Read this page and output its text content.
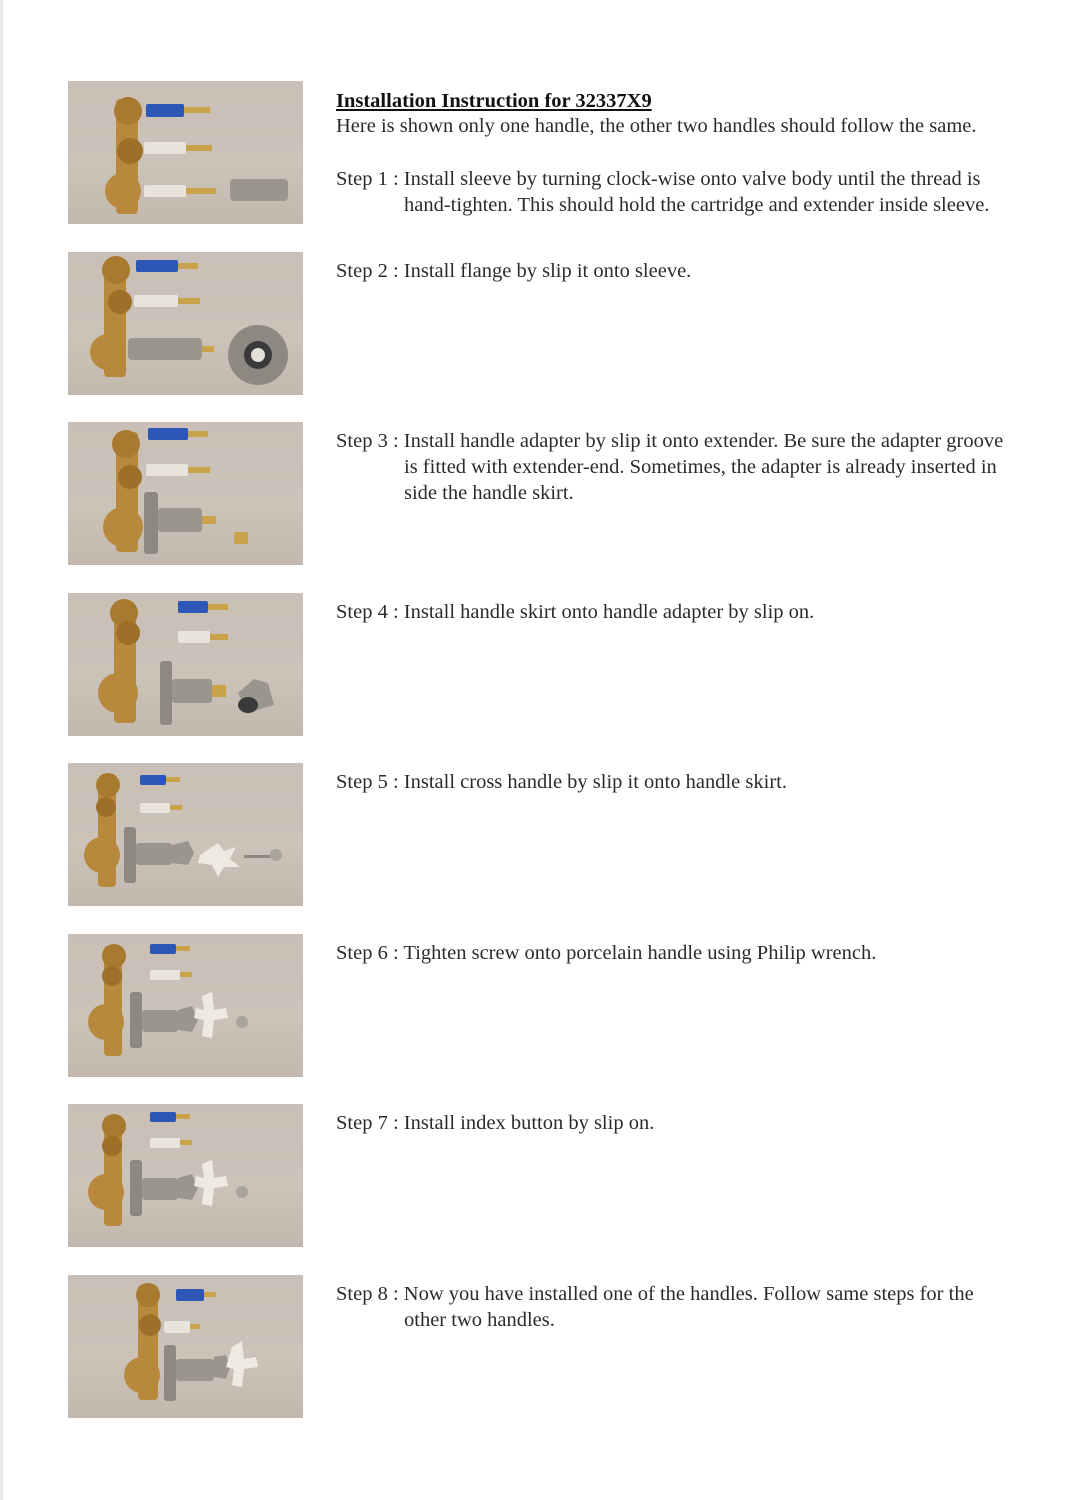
Installation Instruction for 32337X9
Here is shown only one handle, the other two handles should follow the same.
Step 1 : Install sleeve by turning clock-wise onto valve body until the thread is
hand-tighten. This should hold the cartridge and extender inside sleeve.
Step 2 : Install flange by slip it onto sleeve.
Step 3 : Install handle adapter by slip it onto extender. Be sure the adapter groove
is fitted with extender-end. Sometimes, the adapter is already inserted in
side the handle skirt.
Step 4 : Install handle skirt onto handle adapter by slip on.
Step 5 : Install cross handle by slip it onto handle skirt.
Step 6 : Tighten screw onto porcelain handle using Philip wrench.
Step 7 : Install index button by slip on.
Step 8 : Now you have installed one of the handles. Follow same steps for the
other two handles.
